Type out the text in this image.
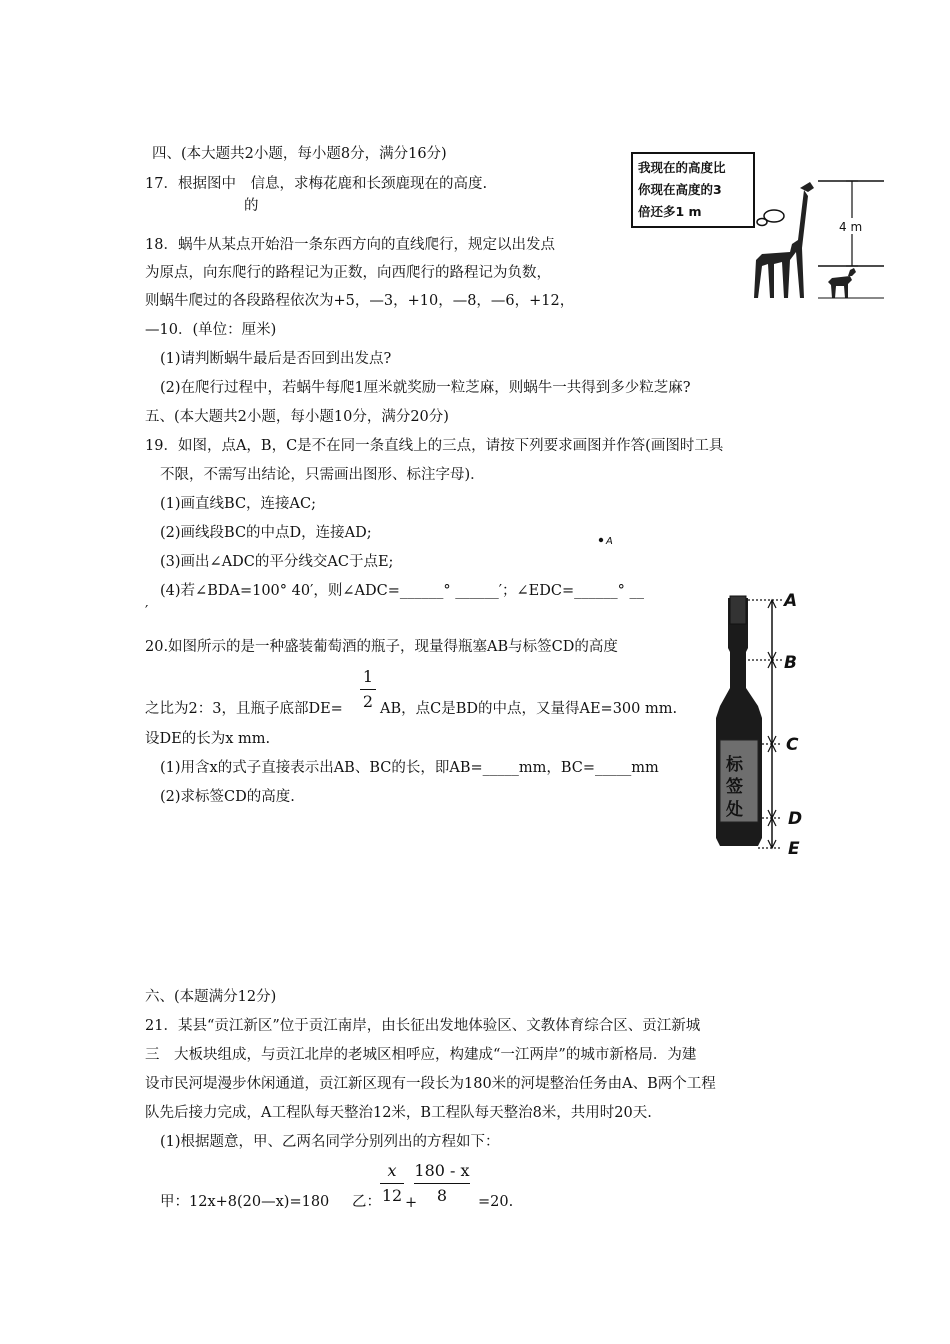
四、(本大题共2小题，每小题8分，满分16分)
17．根据图中　信息，求梅花鹿和长颈鹿现在的高度.
的
我现在的高度比
你现在高度的3
倍还多1 m
4 m
18．蜗牛从某点开始沿一条东西方向的直线爬行，规定以出发点
为原点，向东爬行的路程记为正数，向西爬行的路程记为负数，
则蜗牛爬过的各段路程依次为+5，—3，+10，—8，—6，+12，
—10．(单位：厘米)
(1)请判断蜗牛最后是否回到出发点?
(2)在爬行过程中，若蜗牛每爬1厘米就奖励一粒芝麻，则蜗牛一共得到多少粒芝麻?
五、(本大题共2小题，每小题10分，满分20分)
19．如图，点A，B，C是不在同一条直线上的三点，请按下列要求画图并作答(画图时工具
不限，不需写出结论，只需画出图形、标注字母)．
(1)画直线BC，连接AC;
(2)画线段BC的中点D，连接AD;
(3)画出∠ADC的平分线交AC于点E;
(4)若∠BDA=100° 40′，则∠ADC=______° ______′；∠EDC=______° __
′
A
20.如图所示的是一种盛装葡萄酒的瓶子，现量得瓶塞AB与标签CD的高度
之比为2：3，且瓶子底部DE=
1
2 AB，点C是BD的中点，又量得AE=300 mm.
设DE的长为x mm.
(1)用含x的式子直接表示出AB、BC的长，即AB=_____mm，BC=_____mm
(2)求标签CD的高度.
标
签
处
A
B
C
D
E
六、(本题满分12分)
21．某县“贡江新区”位于贡江南岸，由长征出发地体验区、文教体育综合区、贡江新城
三　大板块组成，与贡江北岸的老城区相呼应，构建成“一江两岸”的城市新格局．为建
设市民河堤漫步休闲通道，贡江新区现有一段长为180米的河堤整治任务由A、B两个工程
队先后接力完成，A工程队每天整治12米，B工程队每天整治8米，共用时20天.
(1)根据题意，甲、乙两名同学分别列出的方程如下：
甲：12x+8(20—x)=180 乙：
x
12 +
180 - x
8	=20.
